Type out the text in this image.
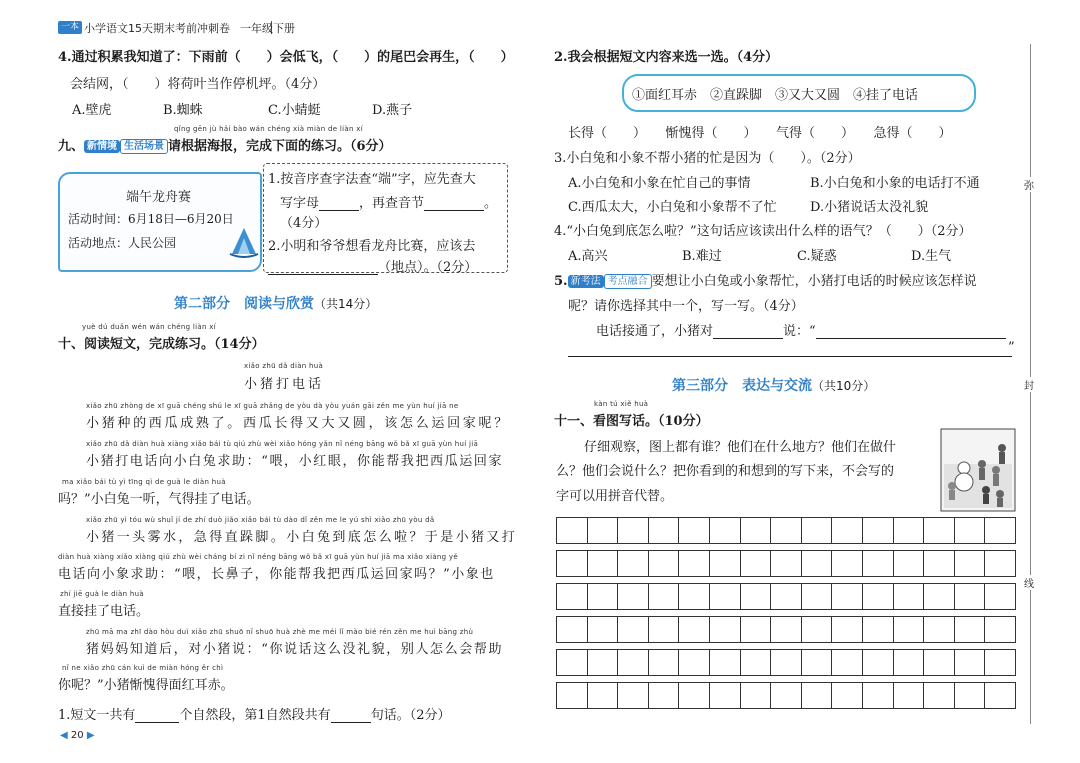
一本 小学语文15天期末考前冲刺卷 一年级下册
4.通过积累我知道了：下雨前（　　）会低飞，（　　）的尾巴会再生，（　　）
会结网，（　　）将荷叶当作停机坪。（4分）
A.壁虎	B.蜘蛛	C.小蜻蜓	D.燕子
qǐng gēn jù hǎi bào wán chéng xià miàn de liàn xí
九、 新情境 生活场景 请根据海报，完成下面的练习。（6分）
端午龙舟赛
活动时间：6月18日—6月20日
活动地点：人民公园
1.按音序查字法查“端”字，应先查大
写字母	，再查音节	。
（4分）
2.小明和爷爷想看龙舟比赛，应该去
（地点）。（2分）
第二部分　阅读与欣赏（共14分）
yuè dú duǎn wén wán chéng liàn xí
十、阅读短文，完成练习。（14分）
xiǎo zhū dǎ diàn huà
小猪打电话
xiǎo zhū zhòng de xī guā chéng shú le xī guā zhǎng de yòu dà yòu yuán gāi zěn me yùn huí jiā ne
小猪种的西瓜成熟了。西瓜长得又大又圆，该怎么运回家呢？
xiǎo zhū dǎ diàn huà xiàng xiǎo bái tù qiú zhù wèi xiǎo hóng yǎn nǐ néng bāng wǒ bǎ xī guā yùn huí jiā
小猪打电话向小白兔求助：“喂，小红眼，你能帮我把西瓜运回家
ma xiǎo bái tù yì tīng qì de guà le diàn huà
吗？”小白兔一听，气得挂了电话。
xiǎo zhū yì tóu wù shuǐ jí de zhí duò jiǎo xiǎo bái tù dào dǐ zěn me le yú shì xiǎo zhū yòu dǎ
小猪一头雾水，急得直跺脚。小白兔到底怎么啦？于是小猪又打
diàn huà xiàng xiǎo xiàng qiú zhù wèi cháng bí zi nǐ néng bāng wǒ bǎ xī guā yùn huí jiā ma xiǎo xiàng yě
电话向小象求助：“喂，长鼻子，你能帮我把西瓜运回家吗？”小象也
zhí jiē guà le diàn huà
直接挂了电话。
zhū mā ma zhī dào hòu duì xiǎo zhū shuō nǐ shuō huà zhè me méi lǐ mào bié rén zěn me huì bāng zhù
猪妈妈知道后，对小猪说：“你说话这么没礼貌，别人怎么会帮助
nǐ ne xiǎo zhū cán kuì de miàn hóng ěr chì
你呢？”小猪惭愧得面红耳赤。
1.短文一共有	个自然段，第1自然段共有	句话。（2分）
◀ 20 ▶
2.我会根据短文内容来选一选。（4分）
①面红耳赤　②直跺脚　③又大又圆　④挂了电话
长得（　　）　　惭愧得（　　）　　气得（　　）　　急得（　　）
3.小白兔和小象不帮小猪的忙是因为（　　）。（2分）
A.小白兔和小象在忙自己的事情	B.小白兔和小象的电话打不通
C.西瓜太大，小白兔和小象帮不了忙	D.小猪说话太没礼貌
4.“小白兔到底怎么啦？”这句话应该读出什么样的语气？（　　）（2分）
A.高兴	B.难过	C.疑惑	D.生气
5. 新考法 考点融合 要想让小白兔或小象帮忙，小猪打电话的时候应该怎样说
呢？请你选择其中一个，写一写。（4分）
电话接通了，小猪对	说：“
”
第三部分　表达与交流（共10分）
kàn tú xiě huà
十一、看图写话。（10分）
仔细观察，图上都有谁？他们在什么地方？他们在做什
么？他们会说什么？把你看到的和想到的写下来，不会写的
字可以用拼音代替。
弥
封
线
